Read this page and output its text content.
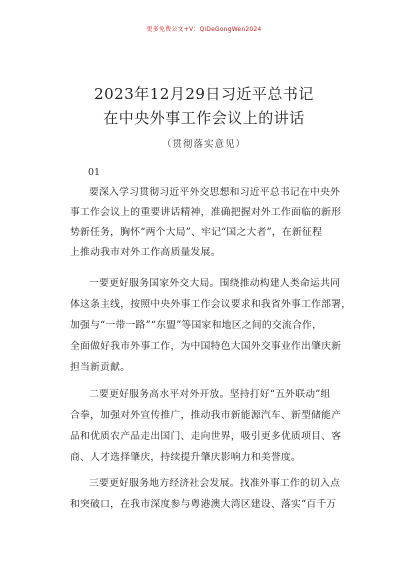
更多免费公文+V：QiDeGongWen2024
2023年12月29日习近平总书记
在中央外事工作会议上的讲话
（贯彻落实意见）
01
要深入学习贯彻习近平外交思想和习近平总书记在中央外
事工作会议上的重要讲话精神，准确把握对外工作面临的新形
势新任务，胸怀“两个大局”、牢记“国之大者”，在新征程
上推动我市对外工作高质量发展。
一要更好服务国家外交大局。围绕推动构建人类命运共同
体这条主线，按照中央外事工作会议要求和我省外事工作部署，
加强与“一带一路”“东盟”等国家和地区之间的交流合作，
全面做好我市外事工作，为中国特色大国外交事业作出肇庆新
担当新贡献。
二要更好服务高水平对外开放。坚持打好“五外联动”组
合拳，加强对外宣传推广，推动我市新能源汽车、新型储能产
品和优质农产品走出国门、走向世界，吸引更多优质项目、客
商、人才选择肇庆，持续提升肇庆影响力和美誉度。
三要更好服务地方经济社会发展。找准外事工作的切入点
和突破口，在我市深度参与粤港澳大湾区建设、落实“百千万
